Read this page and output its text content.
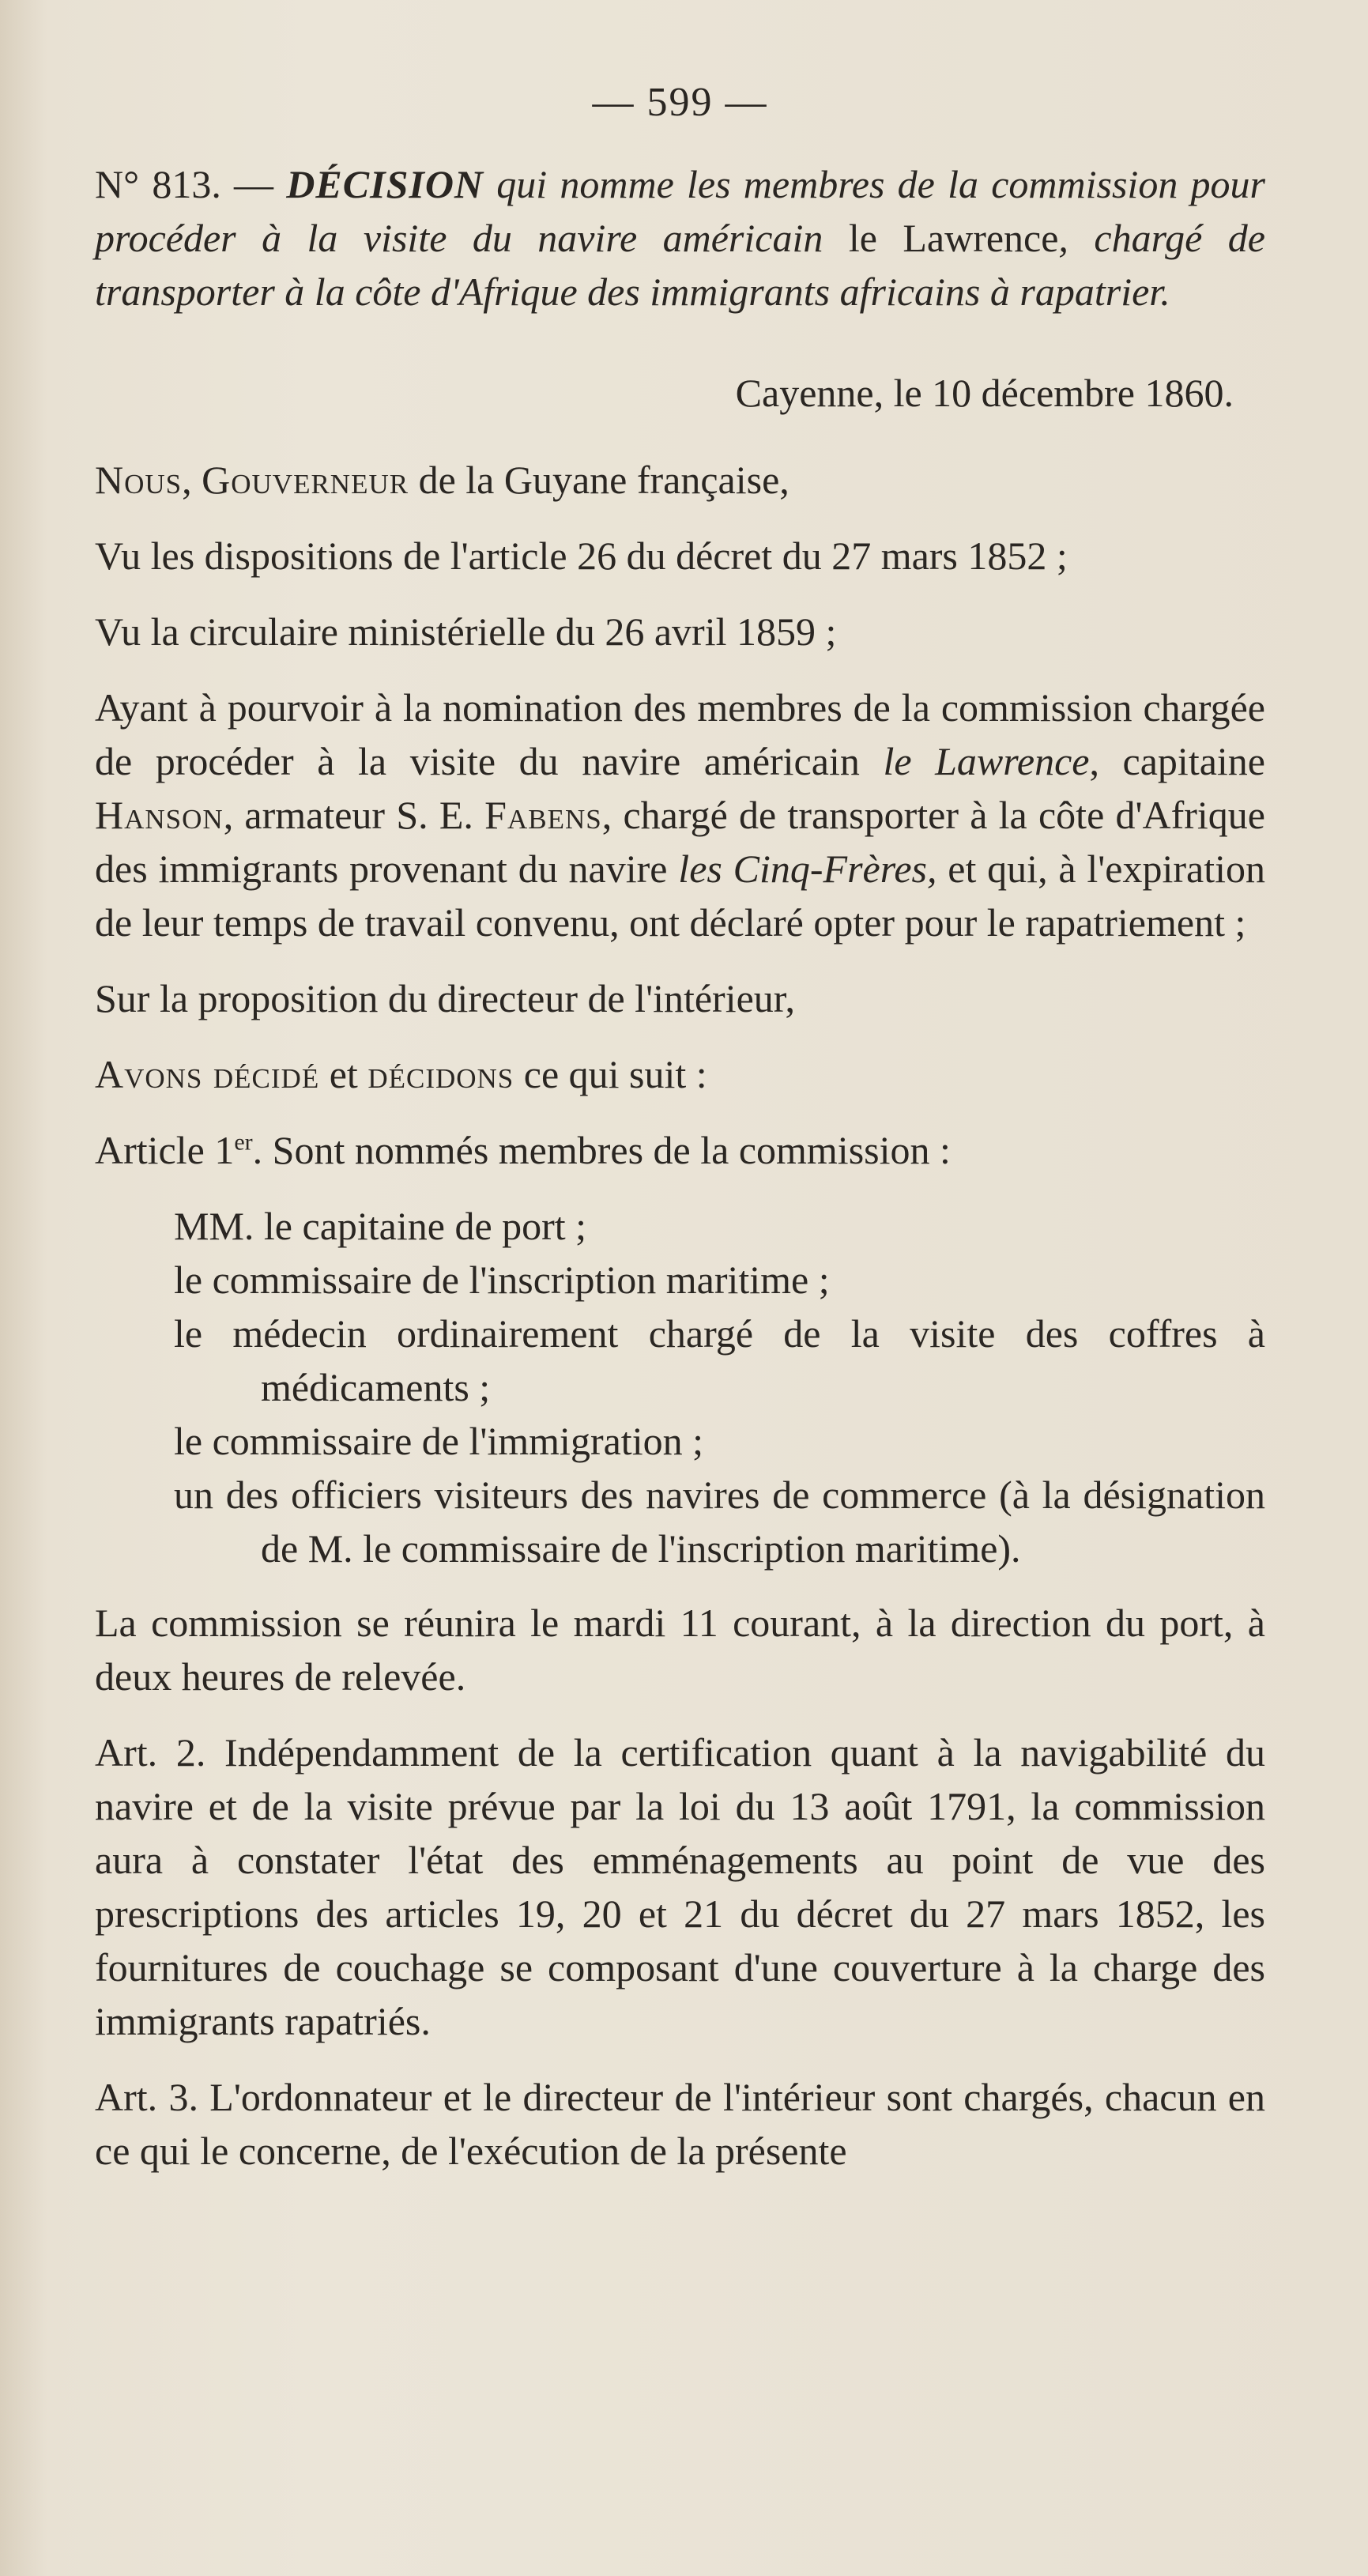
— 599 —

N° 813. — DÉCISION qui nomme les membres de la commission pour procéder à la visite du navire américain le Lawrence, chargé de transporter à la côte d'Afrique des immigrants africains à rapatrier.

Cayenne, le 10 décembre 1860.

Nous, Gouverneur de la Guyane française,

Vu les dispositions de l'article 26 du décret du 27 mars 1852 ;

Vu la circulaire ministérielle du 26 avril 1859 ;

Ayant à pourvoir à la nomination des membres de la commission chargée de procéder à la visite du navire américain le Lawrence, capitaine Hanson, armateur S. E. Fabens, chargé de transporter à la côte d'Afrique des immigrants provenant du navire les Cinq-Frères, et qui, à l'expiration de leur temps de travail convenu, ont déclaré opter pour le rapatriement ;

Sur la proposition du directeur de l'intérieur,

Avons décidé et décidons ce qui suit :

Article 1er. Sont nommés membres de la commission :

MM. le capitaine de port ;

le commissaire de l'inscription maritime ;

le médecin ordinairement chargé de la visite des coffres à médicaments ;

le commissaire de l'immigration ;

un des officiers visiteurs des navires de commerce (à la désignation de M. le commissaire de l'inscription maritime).

La commission se réunira le mardi 11 courant, à la direction du port, à deux heures de relevée.

Art. 2. Indépendamment de la certification quant à la navigabilité du navire et de la visite prévue par la loi du 13 août 1791, la commission aura à constater l'état des emménagements au point de vue des prescriptions des articles 19, 20 et 21 du décret du 27 mars 1852, les fournitures de couchage se composant d'une couverture à la charge des immigrants rapatriés.

Art. 3. L'ordonnateur et le directeur de l'intérieur sont chargés, chacun en ce qui le concerne, de l'exécution de la présente
